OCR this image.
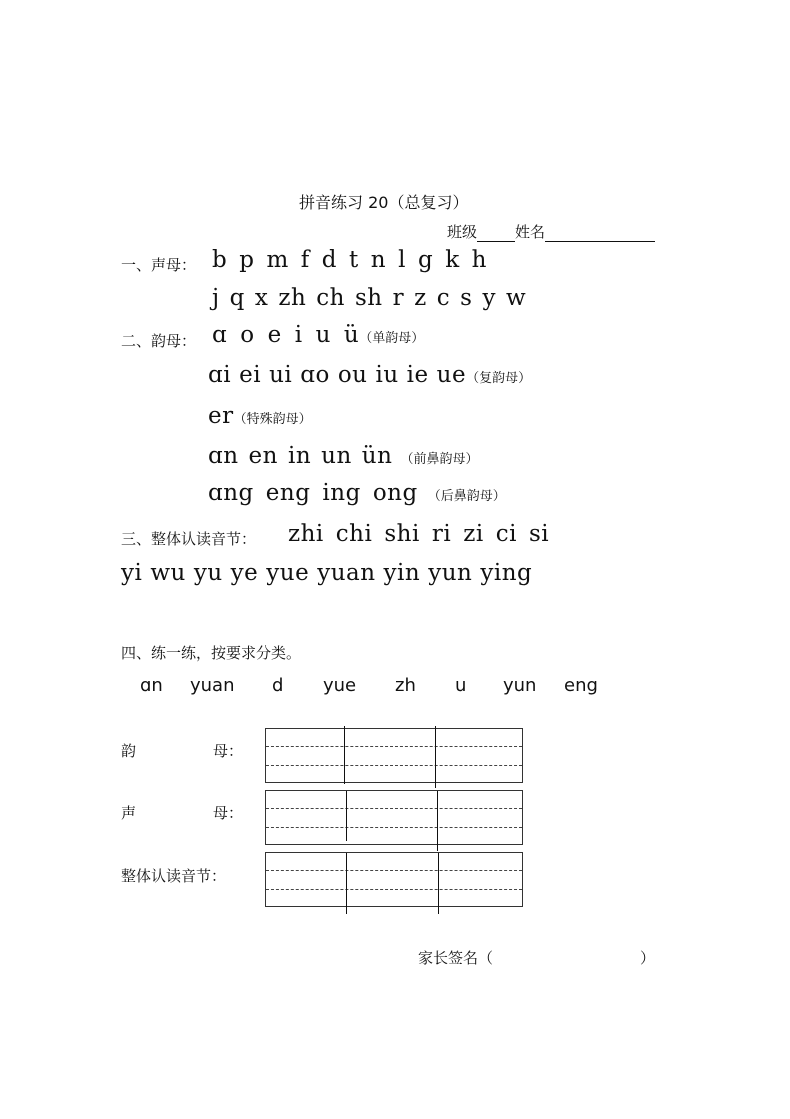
拼音练习 20（总复习）
班级	姓名
一、声母： b p m f d t n l g k h
j q x zh ch sh r z c s y w
二、韵母： ɑ o e i u ü（单韵母）
ɑi ei ui ɑo ou iu ie ue（复韵母）
er（特殊韵母）
ɑn en in un ün （前鼻韵母）
ɑng eng ing ong （后鼻韵母）
三、整体认读音节： zhi chi shi ri zi ci si
yi wu yu ye yue yuan yin yun ying
四、练一练，按要求分类。
ɑn yuan d yue zh u yun eng
韵	母：
声	母：
整体认读音节：
家长签名（	）
